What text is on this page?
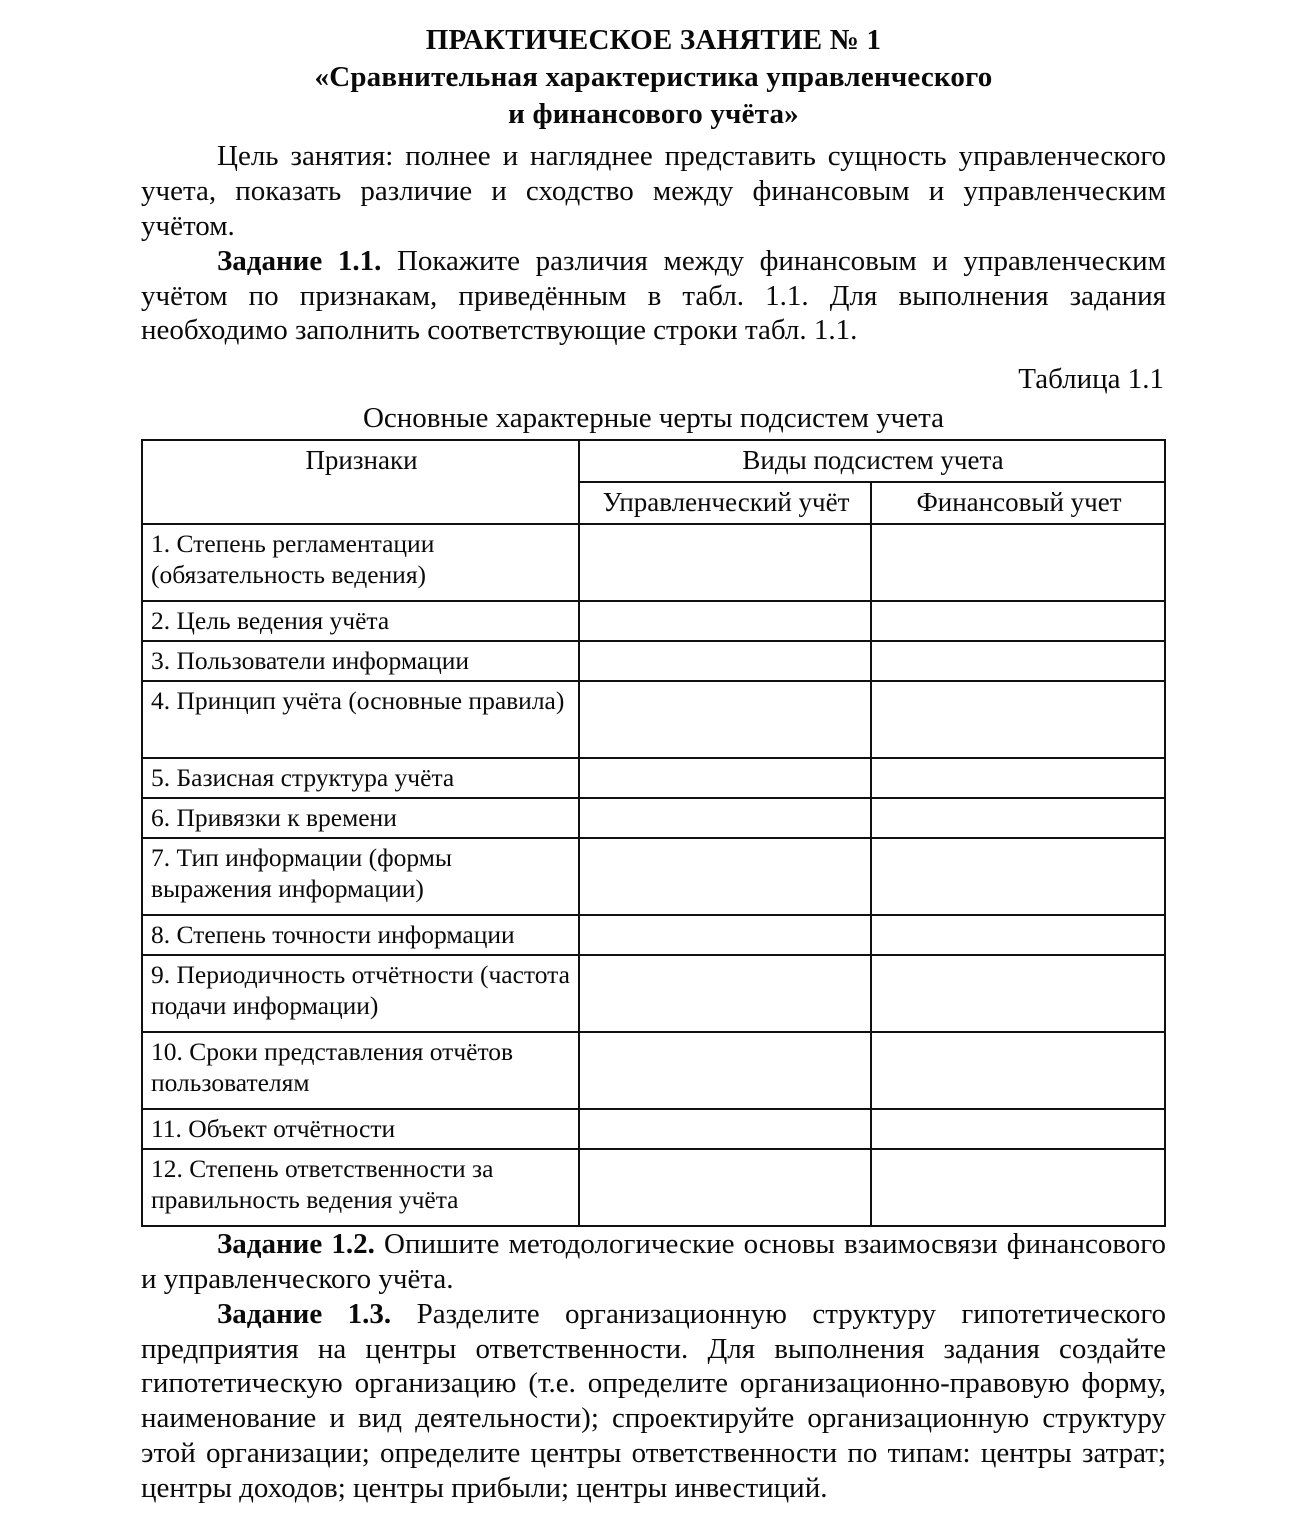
ПРАКТИЧЕСКОЕ ЗАНЯТИЕ № 1
«Сравнительная характеристика управленческого
и финансового учёта»

Цель занятия: полнее и нагляднее представить сущность управленческого учета, показать различие и сходство между финансовым и управленческим учётом.

Задание 1.1. Покажите различия между финансовым и управленческим учётом по признакам, приведённым в табл. 1.1. Для выполнения задания необходимо заполнить соответствующие строки табл. 1.1.

Таблица 1.1
Основные характерные черты подсистем учета
Признаки	Виды подсистем учета	
	Управленческий учёт	Финансовый учет
1. Степень регламентации (обязательность ведения)		
2. Цель ведения учёта		
3. Пользователи информации		
4. Принцип учёта (основные правила)		
5. Базисная структура учёта		
6. Привязки к времени		
7. Тип информации (формы выражения информации)		
8. Степень точности информации		
9. Периодичность отчётности (частота подачи информации)		
10. Сроки представления отчётов пользователям		
11. Объект отчётности		
12. Степень ответственности за правильность ведения учёта		

Задание 1.2. Опишите методологические основы взаимосвязи финансового и управленческого учёта.

Задание 1.3. Разделите организационную структуру гипотетического предприятия на центры ответственности. Для выполнения задания создайте гипотетическую организацию (т.е. определите организационно-правовую форму, наименование и вид деятельности); спроектируйте организационную структуру этой организации; определите центры ответственности по типам: центры затрат; центры доходов; центры прибыли; центры инвестиций.
